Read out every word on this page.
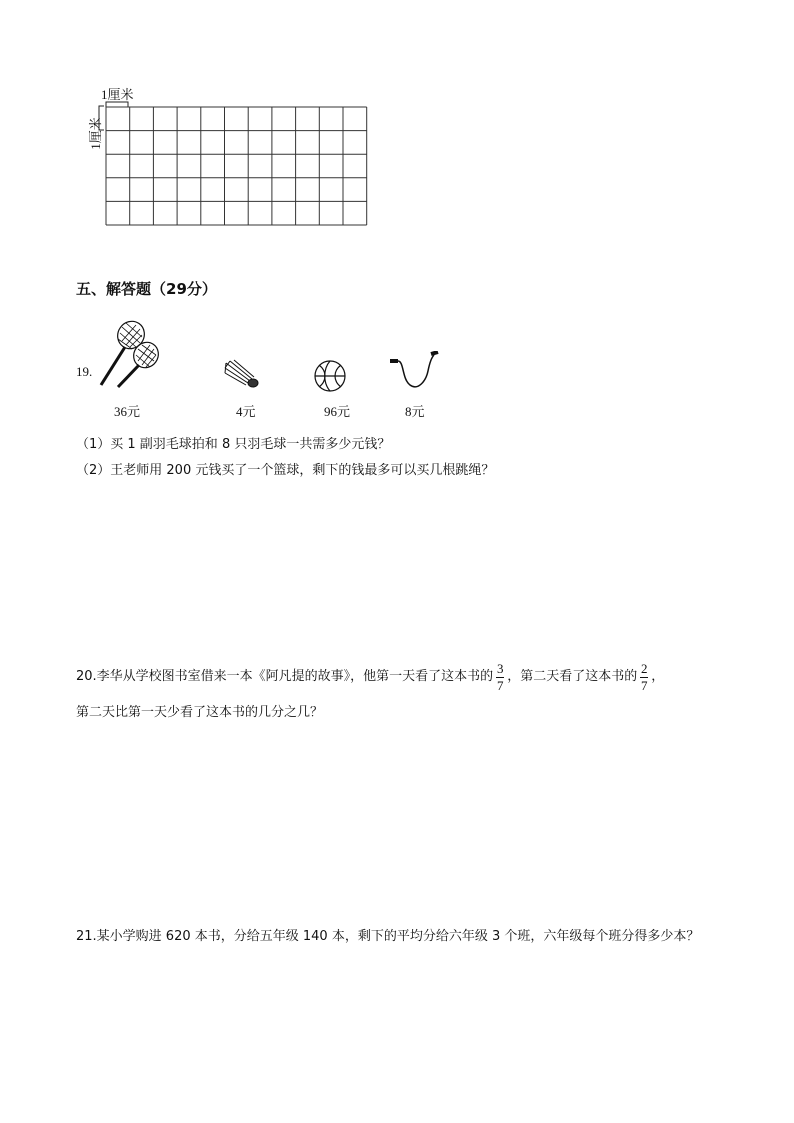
1厘米
1厘米
五、解答题（29分）
19.
36元	4元	96元	8元
（1）买 1 副羽毛球拍和 8 只羽毛球一共需多少元钱？
（2）王老师用 200 元钱买了一个篮球，剩下的钱最多可以买几根跳绳？
20.李华从学校图书室借来一本《阿凡提的故事》，他第一天看了这本书的 $\frac{3}{7}$ ，第二天看了这本书的 $\frac{2}{7}$ ，
第二天比第一天少看了这本书的几分之几？
21.某小学购进 620 本书，分给五年级 140 本，剩下的平均分给六年级 3 个班，六年级每个班分得多少本？
